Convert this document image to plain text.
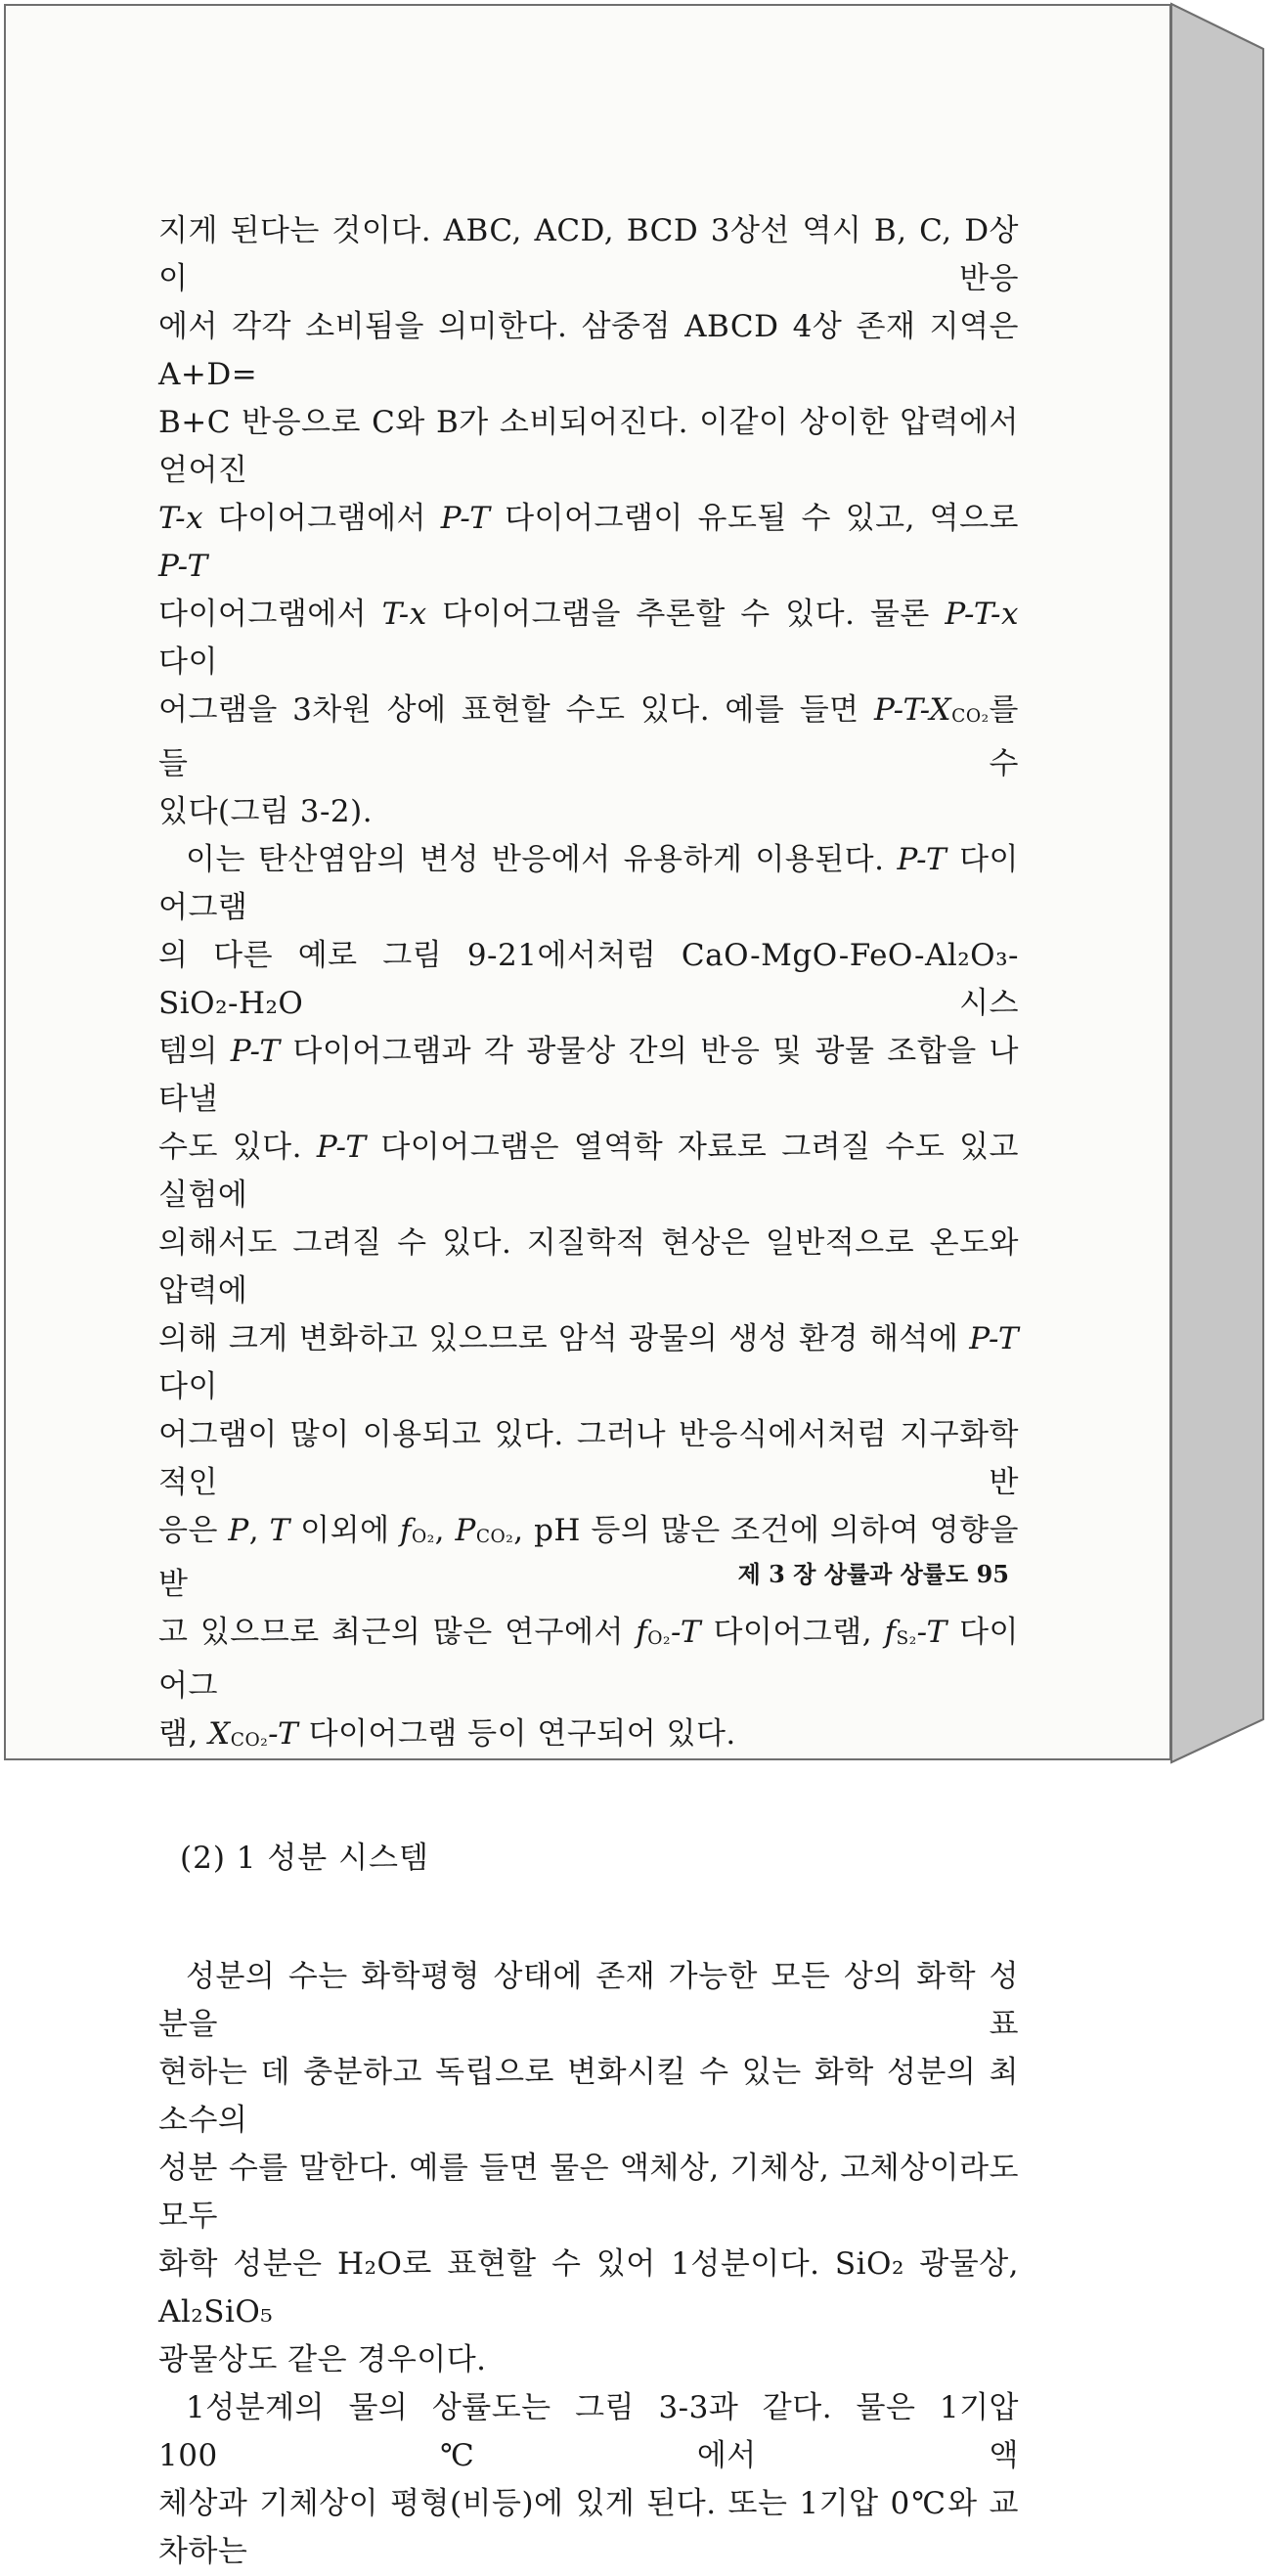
지게 된다는 것이다. ABC, ACD, BCD 3상선 역시 B, C, D상이 반응

에서 각각 소비됨을 의미한다. 삼중점 ABCD 4상 존재 지역은 A+D=

B+C 반응으로 C와 B가 소비되어진다. 이같이 상이한 압력에서 얻어진

T-x 다이어그램에서 P-T 다이어그램이 유도될 수 있고, 역으로 P-T

다이어그램에서 T-x 다이어그램을 추론할 수 있다. 물론 P-T-x 다이

어그램을 3차원 상에 표현할 수도 있다. 예를 들면 $P-T-X_{CO_2}$를 들 수

있다(그림 3-2).

이는 탄산염암의 변성 반응에서 유용하게 이용된다. P-T 다이어그램

의 다른 예로 그림 9-21에서처럼 CaO-MgO-FeO-Al₂O₃-SiO₂-H₂O 시스

템의 P-T 다이어그램과 각 광물상 간의 반응 및 광물 조합을 나타낼

수도 있다. P-T 다이어그램은 열역학 자료로 그려질 수도 있고 실험에

의해서도 그려질 수 있다. 지질학적 현상은 일반적으로 온도와 압력에

의해 크게 변화하고 있으므로 암석 광물의 생성 환경 해석에 P-T 다이

어그램이 많이 이용되고 있다. 그러나 반응식에서처럼 지구화학적인 반

응은 P, T 이외에 $f_{O_2}$, $P_{CO_2}$, pH 등의 많은 조건에 의하여 영향을 받

고 있으므로 최근의 많은 연구에서 $f_{O_2}-T$ 다이어그램, $f_{S_2}-T$ 다이어그

램, $X_{CO_2}-T$ 다이어그램 등이 연구되어 있다.

(2) 1 성분 시스템

성분의 수는 화학평형 상태에 존재 가능한 모든 상의 화학 성분을 표

현하는 데 충분하고 독립으로 변화시킬 수 있는 화학 성분의 최소수의

성분 수를 말한다. 예를 들면 물은 액체상, 기체상, 고체상이라도 모두

화학 성분은 H₂O로 표현할 수 있어 1성분이다. SiO₂ 광물상, Al₂SiO₅

광물상도 같은 경우이다.

1성분계의 물의 상률도는 그림 3-3과 같다. 물은 1기압 100℃에서 액

체상과 기체상이 평형(비등)에 있게 된다. 또는 1기압 0℃와 교차하는

제 3 장 상률과 상률도 95
